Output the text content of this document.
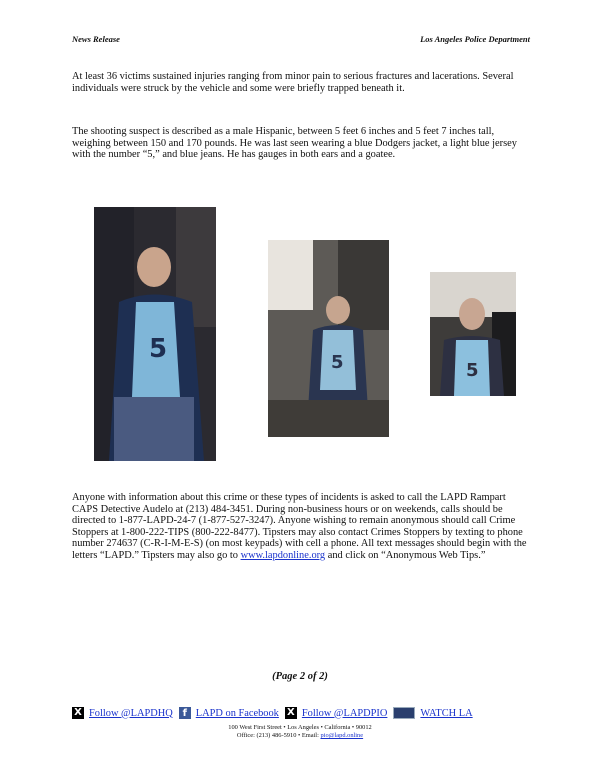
News Release	Los Angeles Police Department

At least 36 victims sustained injuries ranging from minor pain to serious fractures and lacerations. Several individuals were struck by the vehicle and some were briefly trapped beneath it.

The shooting suspect is described as a male Hispanic, between 5 feet 6 inches and 5 feet 7 inches tall, weighing between 150 and 170 pounds. He was last seen wearing a blue Dodgers jacket, a light blue jersey with the number “5,” and blue jeans. He has gauges in both ears and a goatee.

5	5	5

Anyone with information about this crime or these types of incidents is asked to call the LAPD Rampart CAPS Detective Audelo at (213) 484-3451. During non-business hours or on weekends, calls should be directed to 1-877-LAPD-24-7 (1-877-527-3247). Anyone wishing to remain anonymous should call Crime Stoppers at 1-800-222-TIPS (800-222-8477). Tipsters may also contact Crimes Stoppers by texting to phone number 274637 (C-R-I-M-E-S) (on most keypads) with cell a phone. All text messages should begin with the letters “LAPD.” Tipsters may also go to www.lapdonline.org and click on “Anonymous Web Tips.”

(Page 2 of 2)
X Follow @LAPDHQ f LAPD on Facebook X Follow @LAPDPIO	WATCH LA
100 West First Street • Los Angeles • California • 90012
Office: (213) 486-5910 • Email: pio@lapd.online
